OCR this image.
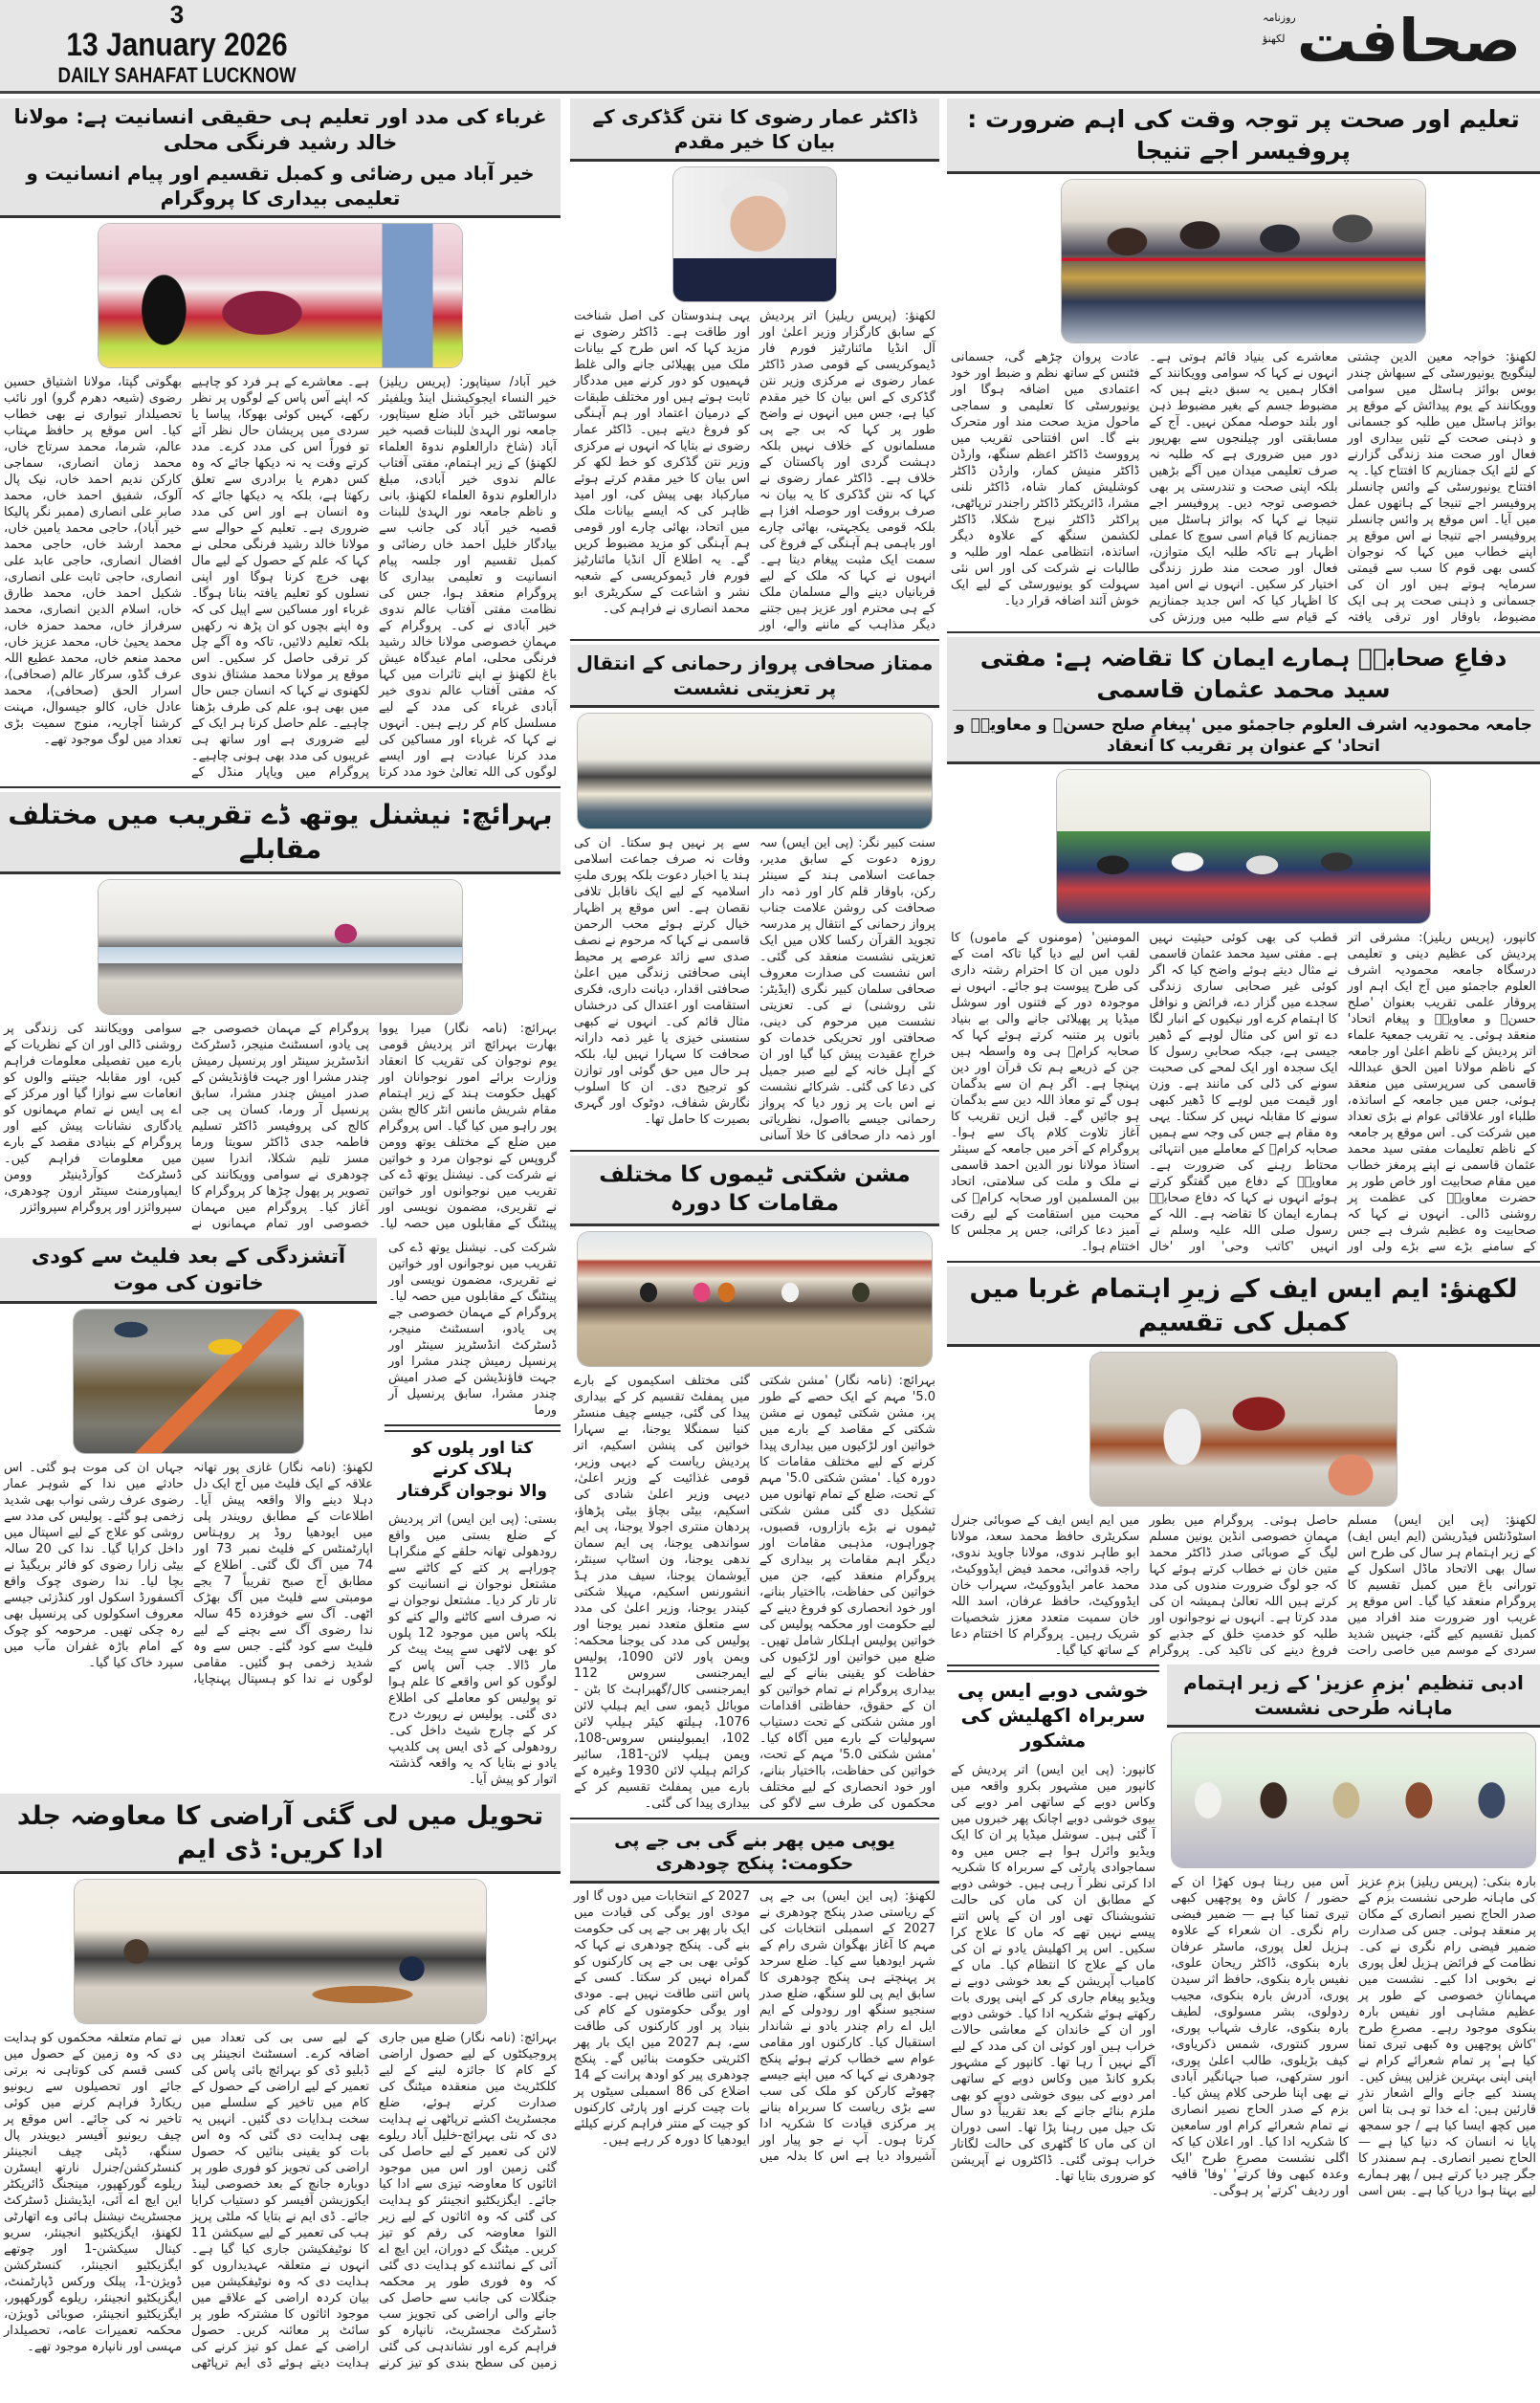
3
13 January 2026
DAILY SAHAFAT LUCKNOW
روزنامہ
لکھنؤ صحافت
تعلیم اور صحت پر توجہ وقت کی اہم ضرورت : پروفیسر اجے تنیجا
لکھنؤ: خواجہ معین الدین چشتی لینگویج یونیورسٹی کے سبھاش چندر بوس بوائز ہاسٹل میں سوامی وویکانند کے یوم پیدائش کے موقع پر بوائز ہاسٹل میں طلبہ کو جسمانی و ذہنی صحت کے تئیں بیداری اور فعال اور صحت مند زندگی گزارنے کے لئے ایک جمنازیم کا افتتاح کیا۔ یہ افتتاح یونیورسٹی کے وائس چانسلر پروفیسر اجے تنیجا کے ہاتھوں عمل میں آیا۔ اس موقع پر وائس چانسلر پروفیسر اجے تنیجا نے اس موقع پر اپنے خطاب میں کہا کہ نوجوان کسی بھی قوم کا سب سے قیمتی سرمایہ ہوتے ہیں اور ان کی جسمانی و ذہنی صحت پر ہی ایک مضبوط، باوقار اور ترقی یافتہ معاشرے کی بنیاد قائم ہوتی ہے۔ انہوں نے کہا کہ سوامی وویکانند کے افکار ہمیں یہ سبق دیتے ہیں کہ مضبوط جسم کے بغیر مضبوط ذہن اور بلند حوصلہ ممکن نہیں۔ آج کے مسابقتی اور چیلنجوں سے بھرپور دور میں ضروری ہے کہ طلبہ نہ صرف تعلیمی میدان میں آگے بڑھیں بلکہ اپنی صحت و تندرستی پر بھی خصوصی توجہ دیں۔ پروفیسر اجے تنیجا نے کہا کہ بوائز ہاسٹل میں جمنازیم کا قیام اسی سوچ کا عملی اظہار ہے تاکہ طلبہ ایک متوازن، فعال اور صحت مند طرز زندگی اختیار کر سکیں۔ انہوں نے اس امید کا اظہار کیا کہ اس جدید جمنازیم کے قیام سے طلبہ میں ورزش کی عادت پروان چڑھے گی، جسمانی فٹنس کے ساتھ نظم و ضبط اور خود اعتمادی میں اضافہ ہوگا اور یونیورسٹی کا تعلیمی و سماجی ماحول مزید صحت مند اور متحرک بنے گا۔ اس افتتاحی تقریب میں پرووسٹ ڈاکٹر اعظم سنگھ، وارڈن ڈاکٹر منیش کمار، وارڈن ڈاکٹر کوشلیش کمار شاہ، ڈاکٹر نلنی مشرا، ڈائریکٹر ڈاکٹر راجندر ترپاٹھی، پراکٹر ڈاکٹر نیرج شکلا، ڈاکٹر لکشمن سنگھ کے علاوہ دیگر اساتذہ، انتظامی عملہ اور طلبہ و طالبات نے شرکت کی اور اس نئی سہولت کو یونیورسٹی کے لیے ایک خوش آئند اضافہ قرار دیا۔
دفاعِ صحابہؓ ہمارے ایمان کا تقاضہ ہے: مفتی سید محمد عثمان قاسمی
جامعہ محمودیہ اشرف العلوم جاجمئو میں 'پیغامِ صلح حسنؓ و معاویہؓ و اتحاد' کے عنوان پر تقریب کا انعقاد
کانپور، (پریس ریلیز): مشرقی اتر پردیش کی عظیم دینی و تعلیمی درسگاہ جامعہ محمودیہ اشرف العلوم جاجمئو میں آج ایک اہم اور پروقار علمی تقریب بعنوان 'صلح حسنؓ و معاویہؓ و پیغام اتحاد' منعقد ہوئی۔ یہ تقریب جمعیۃ علماء اتر پردیش کے ناظم اعلیٰ اور جامعہ کے ناظم مولانا امین الحق عبداللہ قاسمی کی سرپرستی میں منعقد ہوئی، جس میں جامعہ کے اساتذہ، طلباء اور علاقائی عوام نے بڑی تعداد میں شرکت کی۔ اس موقع پر جامعہ کے ناظم تعلیمات مفتی سید محمد عثمان قاسمی نے اپنے پرمغز خطاب میں مقام صحابیت اور خاص طور پر حضرت معاویہؓ کی عظمت پر روشنی ڈالی۔ انہوں نے کہا کہ صحابیت وہ عظیم شرف ہے جس کے سامنے بڑے سے بڑے ولی اور قطب کی بھی کوئی حیثیت نہیں ہے۔ مفتی سید محمد عثمان قاسمی نے مثال دیتے ہوئے واضح کیا کہ اگر کوئی غیر صحابی ساری زندگی سجدے میں گزار دے، فرائض و نوافل کا اہتمام کرے اور نیکیوں کے انبار لگا دے تو اس کی مثال لوہے کے ڈھیر جیسی ہے، جبکہ صحابیِ رسول کا ایک سجدہ اور ایک لمحے کی صحبت سونے کی ڈلی کی مانند ہے۔ وزن اور قیمت میں لوہے کا ڈھیر کبھی سونے کا مقابلہ نہیں کر سکتا۔ یہی وہ مقام ہے جس کی وجہ سے ہمیں صحابہ کرامؓ کے معاملے میں انتہائی محتاط رہنے کی ضرورت ہے۔ معاویہؓ کے دفاع میں گفتگو کرتے ہوئے انہوں نے کہا کہ دفاع صحابہؓ ہمارے ایمان کا تقاضہ ہے۔ اللہ کے رسول صلی اللہ علیہ وسلم نے انہیں 'کاتب وحی' اور 'خال المومنین' (مومنوں کے ماموں) کا لقب اس لیے دیا گیا تاکہ امت کے دلوں میں ان کا احترام رشتہ داری کی طرح پیوست ہو جائے۔ انہوں نے موجودہ دور کے فتنوں اور سوشل میڈیا پر پھیلائی جانے والی بے بنیاد باتوں پر متنبہ کرتے ہوئے کہا کہ صحابہ کرامؓ ہی وہ واسطہ ہیں جن کے ذریعے ہم تک قرآن اور دین پہنچا ہے۔ اگر ہم ان سے بدگمان ہوں گے تو معاذ اللہ دین سے بدگمان ہو جائیں گے۔ قبل ازیں تقریب کا آغاز تلاوت کلام پاک سے ہوا۔ پروگرام کے آخر میں جامعہ کے سینئر استاذ مولانا نور الدین احمد قاسمی نے ملک و ملت کی سلامتی، اتحاد بین المسلمین اور صحابہ کرامؓ کی محبت میں استقامت کے لیے رقت آمیز دعا کرائی، جس پر مجلس کا اختتام ہوا۔
لکھنؤ: ایم ایس ایف کے زیرِ اہتمام غربا میں کمبل کی تقسیم
لکھنؤ: (پی این ایس) مسلم اسٹوڈنٹس فیڈریشن (ایم ایس ایف) کے زیر اہتمام ہر سال کی طرح اس سال بھی الاتحاد ماڈل اسکول کے تورانی باغ میں کمبل تقسیم کا پروگرام منعقد کیا گیا۔ اس موقع پر غریب اور ضرورت مند افراد میں کمبل تقسیم کیے گئے، جنہیں شدید سردی کے موسم میں خاصی راحت حاصل ہوئی۔ پروگرام میں بطور مہمانِ خصوصی انڈین یونین مسلم لیگ کے صوبائی صدر ڈاکٹر محمد متین خان نے خطاب کرتے ہوئے کہا کہ جو لوگ ضرورت مندوں کی مدد کرتے ہیں اللہ تعالیٰ ہمیشہ ان کی مدد کرتا ہے۔ انہوں نے نوجوانوں اور طلبہ کو خدمتِ خلق کے جذبے کو فروغ دینے کی تاکید کی۔ پروگرام میں ایم ایس ایف کے صوبائی جنرل سکریٹری حافظ محمد سعد، مولانا ابو طاہر ندوی، مولانا جاوید ندوی، راجہ قدوائی، محمد فیض ایڈووکیٹ، محمد عامر ایڈووکیٹ، سہراب خان ایڈووکیٹ، حافظ عرفان، اسد اللہ خان سمیت متعدد معزز شخصیات شریک رہیں۔ پروگرام کا اختتام دعا کے ساتھ کیا گیا۔
ادبی تنظیم 'بزمِ عزیز' کے زیر اہتمام ماہانہ طرحی نشست
بارہ بنکی: (پریس ریلیز) بزمِ عزیز کی ماہانہ طرحی نشست بزم کے صدر الحاج نصیر انصاری کے مکان پر منعقد ہوئی۔ جس کی صدارت ضمیر فیضی رام نگری نے کی۔ نظامت کے فرائض ہزیل لعل پوری نے بخوبی ادا کیے۔ نشست میں مہمانانِ خصوصی کے طور پر عظیم مشاہی اور نفیس بارہ بنکوی موجود رہے۔ مصرعِ طرح 'کاش پوچھیں وہ کبھی تیری تمنا کیا ہے' پر تمام شعرائے کرام نے اپنی اپنی بہترین غزلیں پیش کیں۔ پسند کیے جانے والے اشعار نذرِ قارئین ہیں: اے خدا تو ہی بتا اس میں کچھ ایسا کیا ہے / جو سمجھ پایا نہ انسان کہ دنیا کیا ہے — الحاج نصیر انصاری۔ ہم سمندر کا جگر چیر دیا کرتے ہیں / پھر ہمارے لیے بہتا ہوا دریا کیا ہے۔ بس اسی آس میں رہتا ہوں کھڑا ان کے حضور / کاش وہ پوچھیں کبھی تیری تمنا کیا ہے — ضمیر فیضی رام نگری۔ ان شعراء کے علاوہ ہزیل لعل پوری، ماسٹر عرفان بارہ بنکوی، ڈاکٹر ریحان علوی، نفیس بارہ بنکوی، حافظ اثر سیدن پوری، آدرش بارہ بنکوی، مجیب ردولوی، بشر مسولوی، لطیف بارہ بنکوی، عارف شہاب پوری، سرور کنتوری، شمس ذکریاوی، کیف بڑیلوی، طالب اعلیٰ پوری، انور سترکھی، صبا جہانگیر آبادی نے بھی اپنا طرحی کلام پیش کیا۔ بزم کے صدر الحاج نصیر انصاری نے تمام شعرائے کرام اور سامعین کا شکریہ ادا کیا۔ اور اعلان کیا کہ اگلی نشست مصرعِ طرح 'ایک وعدہ کبھی وفا کرتے' 'وفا' قافیہ اور ردیف 'کرتے' پر ہوگی۔
خوشی دوبے ایس پی
سربراہ اکھلیش کی مشکور
کانپور: (پی این ایس) اتر پردیش کے کانپور میں مشہور بکرو واقعہ میں وکاس دوبے کے ساتھی امر دوبے کی بیوی خوشی دوبے اچانک پھر خبروں میں آ گئی ہیں۔ سوشل میڈیا پر ان کا ایک ویڈیو وائرل ہوا ہے جس میں وہ سماجوادی پارٹی کے سربراہ کا شکریہ ادا کرتی نظر آ رہی ہیں۔ خوشی دوبے کے مطابق ان کی ماں کی حالت تشویشناک تھی اور ان کے پاس اتنے پیسے نہیں تھے کہ ماں کا علاج کرا سکیں۔ اس پر اکھلیش یادو نے ان کی ماں کے علاج کا انتظام کیا۔ ماں کے کامیاب آپریشن کے بعد خوشی دوبے نے ویڈیو پیغام جاری کر کے اپنی پوری بات رکھتے ہوئے شکریہ ادا کیا۔ خوشی دوبے اور ان کے خاندان کے معاشی حالات خراب ہیں اور کوئی ان کی مدد کے لیے آگے نہیں آ رہا تھا۔ کانپور کے مشہور بکرو کانڈ میں وکاس دوبے کے ساتھی امر دوبے کی بیوی خوشی دوبے کو بھی ملزم بنائے جانے کے بعد تقریباً دو سال تک جیل میں رہنا پڑا تھا۔ اسی دوران ان کی ماں کا گٹھری کی حالت لگاتار خراب ہوتی گئی۔ ڈاکٹروں نے آپریشن کو ضروری بتایا تھا۔
ڈاکٹر عمار رضوی کا نتن گڈکری کے بیان کا خیر مقدم
لکھنؤ: (پریس ریلیز) اتر پردیش کے سابق کارگزار وزیر اعلیٰ اور آل انڈیا مائنارٹیز فورم فار ڈیموکریسی کے قومی صدر ڈاکٹر عمار رضوی نے مرکزی وزیر نتن گڈکری کے اس بیان کا خیر مقدم کیا ہے، جس میں انہوں نے واضح طور پر کہا کہ بی جے پی مسلمانوں کے خلاف نہیں بلکہ دہشت گردی اور پاکستان کے خلاف ہے۔ ڈاکٹر عمار رضوی نے کہا کہ نتن گڈکری کا یہ بیان نہ صرف بروقت اور حوصلہ افزا ہے بلکہ قومی یکجہتی، بھائی چارے اور باہمی ہم آہنگی کے فروغ کی سمت ایک مثبت پیغام دیتا ہے۔ انہوں نے کہا کہ ملک کے لیے قربانیاں دینے والے مسلمان ملک کے ہی محترم اور عزیز ہیں جتنے دیگر مذاہب کے ماننے والے، اور یہی ہندوستان کی اصل شناخت اور طاقت ہے۔ ڈاکٹر رضوی نے مزید کہا کہ اس طرح کے بیانات ملک میں پھیلائی جانے والی غلط فہمیوں کو دور کرنے میں مددگار ثابت ہوتے ہیں اور مختلف طبقات کے درمیان اعتماد اور ہم آہنگی کو فروغ دیتے ہیں۔ ڈاکٹر عمار رضوی نے بتایا کہ انہوں نے مرکزی وزیر نتن گڈکری کو خط لکھ کر اس بیان کا خیر مقدم کرتے ہوئے مبارکباد بھی پیش کی، اور امید ظاہر کی کہ ایسے بیانات ملک میں اتحاد، بھائی چارے اور قومی ہم آہنگی کو مزید مضبوط کریں گے۔ یہ اطلاع آل انڈیا مائنارٹیز فورم فار ڈیموکریسی کے شعبہ نشر و اشاعت کے سکریٹری ابو محمد انصاری نے فراہم کی۔
ممتاز صحافی پرواز رحمانی کے انتقال پر تعزیتی نشست
سنت کبیر نگر: (پی این ایس) سہ روزہ دعوت کے سابق مدیر، جماعت اسلامی ہند کے سینئر رکن، باوقار قلم کار اور ذمہ دار صحافت کی روشن علامت جناب پرواز رحمانی کے انتقال پر مدرسہ تجوید القرآن رکسا کلاں میں ایک تعزیتی نشست منعقد کی گئی۔ اس نشست کی صدارت معروف صحافی سلمان کبیر نگری (ایڈیٹر: نئی روشنی) نے کی۔ تعزیتی نشست میں مرحوم کی دینی، صحافتی اور تحریکی خدمات کو خراجِ عقیدت پیش کیا گیا اور ان کے اہل خانہ کے لیے صبر جمیل کی دعا کی گئی۔ شرکائے نشست نے اس بات پر زور دیا کہ پرواز رحمانی جیسے بااصول، نظریاتی اور ذمہ دار صحافی کا خلا آسانی سے پر نہیں ہو سکتا۔ ان کی وفات نہ صرف جماعت اسلامی ہند یا اخبار دعوت بلکہ پوری ملتِ اسلامیہ کے لیے ایک ناقابل تلافی نقصان ہے۔ اس موقع پر اظہار خیال کرتے ہوئے محب الرحمن قاسمی نے کہا کہ مرحوم نے نصف صدی سے زائد عرصے پر محیط اپنی صحافتی زندگی میں اعلیٰ صحافتی اقدار، دیانت داری، فکری استقامت اور اعتدال کی درخشاں مثال قائم کی۔ انہوں نے کبھی سنسنی خیزی یا غیر ذمہ دارانہ صحافت کا سہارا نہیں لیا، بلکہ ہر حال میں حق گوئی اور توازن کو ترجیح دی۔ ان کا اسلوب نگارش شفاف، دوٹوک اور گہری بصیرت کا حامل تھا۔
مشن شکتی ٹیموں کا مختلف مقامات کا دورہ
بہرائچ: (نامہ نگار) 'مشن شکتی 5.0' مہم کے ایک حصے کے طور پر، مشن شکتی ٹیموں نے مشن شکتی کے مقاصد کے بارے میں خواتین اور لڑکیوں میں بیداری پیدا کرنے کے لیے مختلف مقامات کا دورہ کیا۔ 'مشن شکتی 5.0' مہم کے تحت، ضلع کے تمام تھانوں میں تشکیل دی گئی مشن شکتی ٹیموں نے بڑے بازاروں، قصبوں، چوراہوں، مذہبی مقامات اور دیگر اہم مقامات پر بیداری کے پروگرام منعقد کیے، جن میں خواتین کی حفاظت، بااختیار بنانے، اور خود انحصاری کو فروغ دینے کے لیے حکومت اور محکمہ پولیس کی خواتین پولیس اہلکار شامل تھیں۔ ضلع میں خواتین اور لڑکیوں کی حفاظت کو یقینی بنانے کے لیے بیداری پروگرام نے تمام خواتین کو ان کے حقوق، حفاظتی اقدامات اور مشن شکتی کے تحت دستیاب سہولیات کے بارے میں آگاہ کیا۔ 'مشن شکتی 5.0' مہم کے تحت، خواتین کی حفاظت، بااختیار بنانے، اور خود انحصاری کے لیے مختلف محکموں کی طرف سے لاگو کی گئی مختلف اسکیموں کے بارے میں پمفلٹ تقسیم کر کے بیداری پیدا کی گئی، جیسے چیف منسٹر کنیا سمنگلا یوجنا، بے سہارا خواتین کی پنشن اسکیم، اتر پردیش ریاست کے دیہی وزیر، قومی غذائیت کے وزیر اعلیٰ، دیہی وزیر اعلیٰ شادی کی اسکیم، بیٹی بچاؤ بیٹی پڑھاؤ، پردھان منتری اجولا یوجنا، پی ایم سواندھی یوجنا، پی ایم سمان ندھی یوجنا، ون اسٹاپ سینٹر، آیوشمان یوجنا، سیف مدر ہڈ انشورنس اسکیم، مہیلا شکتی کیندر یوجنا، وزیر اعلیٰ کی مدد سے متعلق متعدد نمبر یوجنا اور پولیس کی مدد کی یوجنا محکمہ: ویمن پاور لائن 1090، پولیس ایمرجنسی سروس 112 ایمرجنسی کال/گھبراہٹ کا بٹن - موبائل ڈیمو، سی ایم ہیلپ لائن 1076، ہیلتھ کیئر ہیلپ لائن 102، ایمبولینس سروس-108، ویمن ہیلپ لائن-181، سائبر کرائم ہیلپ لائن 1930 وغیرہ کے بارے میں پمفلٹ تقسیم کر کے بیداری پیدا کی گئی۔
یوپی میں پھر بنے گی بی جے پی حکومت: پنکج چودھری
لکھنؤ: (پی این ایس) بی جے پی کے ریاستی صدر پنکج چودھری نے 2027 کے اسمبلی انتخابات کی مہم کا آغاز بھگوان شری رام کے شہر ایودھیا سے کیا۔ ضلع سرحد پر پہنچتے ہی پنکج چودھری کا سابق ایم پی للو سنگھ، ضلع صدر سنجیو سنگھ اور رودولی کے ایم ایل اے رام چندر یادو نے شاندار استقبال کیا۔ کارکنوں اور مقامی عوام سے خطاب کرتے ہوئے پنکج چودھری نے کہا کہ میں اپنے جیسے چھوٹے کارکن کو ملک کی سب سے بڑی ریاست کا سربراہ بنانے پر مرکزی قیادت کا شکریہ ادا کرتا ہوں۔ آپ نے جو پیار اور آشیرواد دیا ہے اس کا بدلہ میں 2027 کے انتخابات میں دوں گا اور مودی اور یوگی کی قیادت میں ایک بار پھر بی جے پی کی حکومت بنے گی۔ پنکج چودھری نے کہا کہ کوئی بھی بی جے پی کارکنوں کو گمراہ نہیں کر سکتا۔ کسی کے پاس اتنی طاقت نہیں ہے۔ مودی اور یوگی حکومتوں کے کام کی بنیاد پر اور کارکنوں کی طاقت سے، ہم 2027 میں ایک بار پھر اکثریتی حکومت بنائیں گے۔ پنکج چودھری پیر کو اودھ پرانت کے 14 اضلاع کی 86 اسمبلی سیٹوں پر بات چیت کرنے اور پارٹی کارکنوں کو جیت کے منتر فراہم کرنے کیلئے ایودھیا کا دورہ کر رہے ہیں۔
غرباء کی مدد اور تعلیم ہی حقیقی انسانیت ہے: مولانا خالد رشید فرنگی محلی
خیر آباد میں رضائی و کمبل تقسیم اور پیام انسانیت و تعلیمی بیداری کا پروگرام
خیر آباد/ سیتاپور: (پریس ریلیز) خیر النساء ایجوکیشنل اینڈ ویلفیئر سوسائٹی خیر آباد ضلع سیتاپور، جامعہ نور الہدیٰ للبنات قصبہ خیر آباد (شاخ دارالعلوم ندوۃ العلماء لکھنؤ) کے زیر اہتمام، مفتی آفتاب عالم ندوی خیر آبادی، مبلغ دارالعلوم ندوۃ العلماء لکھنؤ، بانی و ناظم جامعہ نور الہدیٰ للبنات قصبہ خیر آباد کی جانب سے بیادگار خلیل احمد خاں رضائی و کمبل تقسیم اور جلسہ پیام انسانیت و تعلیمی بیداری کا پروگرام منعقد ہوا، جس کی نظامت مفتی آفتاب عالم ندوی خیر آبادی نے کی۔ پروگرام کے مہمانِ خصوصی مولانا خالد رشید فرنگی محلی، امام عیدگاہ عیش باغ لکھنؤ نے اپنے تاثرات میں کہا کہ مفتی آفتاب عالم ندوی خیر آبادی غرباء کی مدد کے لیے مسلسل کام کر رہے ہیں۔ انہوں نے کہا کہ غرباء اور مساکین کی مدد کرنا عبادت ہے اور ایسے لوگوں کی اللہ تعالیٰ خود مدد کرتا ہے۔ معاشرے کے ہر فرد کو چاہیے کہ اپنے آس پاس کے لوگوں پر نظر رکھے، کہیں کوئی بھوکا، پیاسا یا سردی میں پریشان حال نظر آئے تو فوراً اس کی مدد کرے۔ مدد کرتے وقت یہ نہ دیکھا جائے کہ وہ کس دھرم یا برادری سے تعلق رکھتا ہے، بلکہ یہ دیکھا جائے کہ وہ انسان ہے اور اس کی مدد ضروری ہے۔ تعلیم کے حوالے سے مولانا خالد رشید فرنگی محلی نے کہا کہ علم کے حصول کے لیے مال بھی خرچ کرنا ہوگا اور اپنی نسلوں کو تعلیم یافتہ بنانا ہوگا۔ غرباء اور مساکین سے اپیل کی کہ وہ اپنے بچوں کو ان پڑھ نہ رکھیں بلکہ تعلیم دلائیں، تاکہ وہ آگے چل کر ترقی حاصل کر سکیں۔ اس موقع پر مولانا محمد مشتاق ندوی لکھنوی نے کہا کہ انسان جس حال میں بھی ہو، علم کی طرف بڑھنا چاہیے۔ علم حاصل کرنا ہر ایک کے لیے ضروری ہے اور ساتھ ہی غریبوں کی مدد بھی ہونی چاہیے۔ پروگرام میں ویاپار منڈل کے بھگوتی گپتا، مولانا اشتیاق حسین رضوی (شیعہ دھرم گرو) اور نائب تحصیلدار تیواری نے بھی خطاب کیا۔ اس موقع پر حافظ مہتاب عالم، شرما، محمد سرتاج خاں، محمد زمان انصاری، سماجی کارکن ندیم احمد خاں، نیک پال آلوک، شفیق احمد خاں، محمد صابر علی انصاری (ممبر نگر پالیکا خیر آباد)، حاجی محمد یامین خاں، محمد ارشد خاں، حاجی محمد افضال انصاری، حاجی عابد علی انصاری، حاجی ثابت علی انصاری، شکیل احمد خاں، محمد طارق خاں، اسلام الدین انصاری، محمد سرفراز خاں، محمد حمزہ خاں، محمد یحییٰ خاں، محمد عزیز خاں، محمد منعم خاں، محمد عطیع اللہ عرف گڈو، سرکار عالم (صحافی)، اسرار الحق (صحافی)، محمد عادل خاں، کالو جیسوال، مہنت کرشنا آچاریہ، منوج سمیت بڑی تعداد میں لوگ موجود تھے۔
بہرائچ: نیشنل یوتھ ڈے تقریب میں مختلف مقابلے
بہرائچ: (نامہ نگار) میرا یووا بھارت بہرائچ اتر پردیش قومی یوم نوجوان کی تقریب کا انعقاد وزارت برائے امور نوجوانان اور کھیل حکومت ہند کے زیر اہتمام مقام شریش مانس انٹر کالج بشن پور راہو میں کیا گیا۔ اس پروگرام میں ضلع کے مختلف یوتھ وومن گروپس کے نوجوان مرد و خواتین نے شرکت کی۔ نیشنل یوتھ ڈے کی تقریب میں نوجوانوں اور خواتین نے تقریری، مضمون نویسی اور پینٹنگ کے مقابلوں میں حصہ لیا۔ پروگرام کے مہمان خصوصی جے پی یادو، اسسٹنٹ منیجر، ڈسٹرکٹ انڈسٹریز سینٹر اور پرنسپل رمیش چندر مشرا اور جہت فاؤنڈیشن کے صدر امیش چندر مشرا، سابق پرنسپل آر ورما، کسان پی جی کالج کی پروفیسر ڈاکٹر تسلیم فاطمہ جدی ڈاکٹر سویتا ورما مسز تلیم شکلا، اندرا سین چودھری نے سوامی وویکانند کی تصویر پر پھول چڑھا کر پروگرام کا آغاز کیا۔ پروگرام میں مہمان خصوصی اور تمام مہمانوں نے سوامی وویکانند کی زندگی پر روشنی ڈالی اور ان کے نظریات کے بارے میں تفصیلی معلومات فراہم کیں، اور مقابلہ جیتنے والوں کو انعامات سے نوازا گیا اور مرکز کے اے پی ایس نے تمام مہمانوں کو یادگاری نشانات پیش کیے اور پروگرام کے بنیادی مقصد کے بارے میں معلومات فراہم کیں۔ ڈسٹرکٹ کوآرڈینیٹر وومن ایمپاورمنٹ سینٹر ارون چودھری، سپروائزر اور پروگرام سپروائزر
شرکت کی۔ نیشنل یوتھ ڈے کی تقریب میں نوجوانوں اور خواتین نے تقریری، مضمون نویسی اور پینٹنگ کے مقابلوں میں حصہ لیا۔ پروگرام کے مہمان خصوصی جے پی یادو، اسسٹنٹ منیجر، ڈسٹرکٹ انڈسٹریز سینٹر اور پرنسپل رمیش چندر مشرا اور جہت فاؤنڈیشن کے صدر امیش چندر مشرا، سابق پرنسپل آر ورما
کتا اور پلوں کو ہلاک کرنے
والا نوجوان گرفتار
بستی: (پی این ایس) اتر پردیش کے ضلع بستی میں واقع رودھولی تھانہ حلقے کے منگراہا چوراہے پر کتے کے کاٹنے سے مشتعل نوجوان نے انسانیت کو تار تار کر دیا۔ مشتعل نوجوان نے نہ صرف اسے کاٹنے والے کتے کو بلکہ پاس میں موجود 12 پلوں کو بھی لاٹھی سے پیٹ پیٹ کر مار ڈالا۔ جب آس پاس کے لوگوں کو اس واقعے کا علم ہوا تو پولیس کو معاملے کی اطلاع دی گئی۔ پولیس نے رپورٹ درج کر کے چارج شیٹ داخل کی۔ رودھولی کے ڈی ایس پی کلدیپ یادو نے بتایا کہ یہ واقعہ گذشتہ اتوار کو پیش آیا۔
آتشزدگی کے بعد فلیٹ سے کودی خاتون کی موت
لکھنؤ: (نامہ نگار) غازی پور تھانہ علاقہ کے ایک فلیٹ میں آج ایک دل دہلا دینے والا واقعہ پیش آیا۔ اطلاعات کے مطابق رویندر پلی میں ایودھیا روڈ پر روہتاس اپارٹمنٹس کے فلیٹ نمبر 73 اور 74 میں آگ لگ گئی۔ اطلاع کے مطابق آج صبح تقریباً 7 بجے مومبتی سے فلیٹ میں آگ بھڑک اٹھی۔ آگ سے خوفزدہ 45 سالہ ندا رضوی آگ سے بچنے کے لیے فلیٹ سے کود گئے۔ جس سے وہ شدید زخمی ہو گئیں۔ مقامی لوگوں نے ندا کو ہسپتال پہنچایا، جہاں ان کی موت ہو گئی۔ اس حادثے میں ندا کے شوہر عمار رضوی عرف رشی نواب بھی شدید زخمی ہو گئے۔ پولیس کی مدد سے روشی کو علاج کے لیے اسپتال میں داخل کرایا گیا۔ ندا کی 20 سالہ بیٹی زارا رضوی کو فائر بریگیڈ نے بچا لیا۔ ندا رضوی چوک واقع آکسفورڈ اسکول اور کنڈزئی جیسے معروف اسکولوں کی پرنسپل بھی رہ چکی تھیں۔ مرحومہ کو چوک کے امام باڑہ غفران مآب میں سپرد خاک کیا گیا۔
تحویل میں لی گئی آراضی کا معاوضہ جلد ادا کریں: ڈی ایم
بہرائچ: (نامہ نگار) ضلع میں جاری پروجیکٹوں کے لیے حصول اراضی کے کام کا جائزہ لینے کے لیے کلکٹریٹ میں منعقدہ میٹنگ کی صدارت کرتے ہوئے، ضلع مجسٹریٹ اکشے ترپاٹھی نے ہدایت دی کہ نئی بہرائچ-خلیل آباد ریلوے لائن کی تعمیر کے لیے حاصل کی گئی زمین اور اس میں موجود اثاثوں کا معاوضہ تیزی سے ادا کیا جائے۔ ایگزیکٹیو انجینئر کو ہدایت کی گئی کہ وہ اثاثوں کے لیے زیر التوا معاوضہ کی رقم کو تیز کریں۔ میٹنگ کے دوران، این ایچ اے آئی کے نمائندے کو ہدایت دی گئی کہ وہ فوری طور پر محکمہ جنگلات کی جانب سے حاصل کی جانے والی اراضی کی تجویز سب ڈسٹرکٹ مجسٹریٹ، نانپارہ کو فراہم کرے اور نشاندہی کی گئی زمین کی سطح بندی کو تیز کرنے کے لیے سی بی کی تعداد میں اضافہ کرے۔ اسسٹنٹ انجینئر پی ڈبلیو ڈی کو بہرائچ بائی پاس کی تعمیر کے لیے اراضی کے حصول کے کام میں تاخیر کے سلسلے میں سخت ہدایات دی گئیں۔ انہیں یہ بھی ہدایت دی گئی کہ وہ اس بات کو یقینی بنائیں کہ حصول اراضی کی تجویز کو فوری طور پر دوبارہ جانچ کے بعد خصوصی لینڈ ایکوزیشن آفیسر کو دستیاب کرایا جائے۔ ڈی ایم نے بتایا کہ ملٹی پرپز ہب کی تعمیر کے لیے سیکشن 11 کا نوٹیفکیشن جاری کیا گیا ہے۔ انہوں نے متعلقہ عہدیداروں کو ہدایت دی کہ وہ نوٹیفکیشن میں بیان کردہ اراضی کے علاقے میں موجود اثاثوں کا مشترکہ طور پر سائٹ پر معائنہ کریں۔ حصول اراضی کے عمل کو تیز کرنے کی ہدایت دیتے ہوئے ڈی ایم ترپاٹھی نے تمام متعلقہ محکموں کو ہدایت دی کہ وہ زمین کے حصول میں کسی قسم کی کوتاہی نہ برتی جائے اور تحصیلوں سے ریونیو ریکارڈ فراہم کرنے میں کوئی تاخیر نہ کی جائے۔ اس موقع پر چیف ریونیو آفیسر دیویندر پال سنگھ، ڈپٹی چیف انجینئر کنسٹرکشن/جنرل نارتھ ایسٹرن ریلوے گورکھپور، مینجنگ ڈائریکٹر این ایچ اے آئی، ایڈیشنل ڈسٹرکٹ مجسٹریٹ نیشنل ہائی وے اتھارٹی لکھنؤ، ایگزیکٹیو انجینئر، سریو کینال سیکشن-1 اور چوتھے ایگزیکٹیو انجینئر، کنسٹرکشن ڈویژن-1، پبلک ورکس ڈپارٹمنٹ، ایگزیکٹیو انجینئر، ریلوے گورکھپور، ایگزیکٹیو انجینئر، صوبائی ڈویژن، محکمہ تعمیرات عامہ، تحصیلدار مہسی اور نانپارہ موجود تھے۔
